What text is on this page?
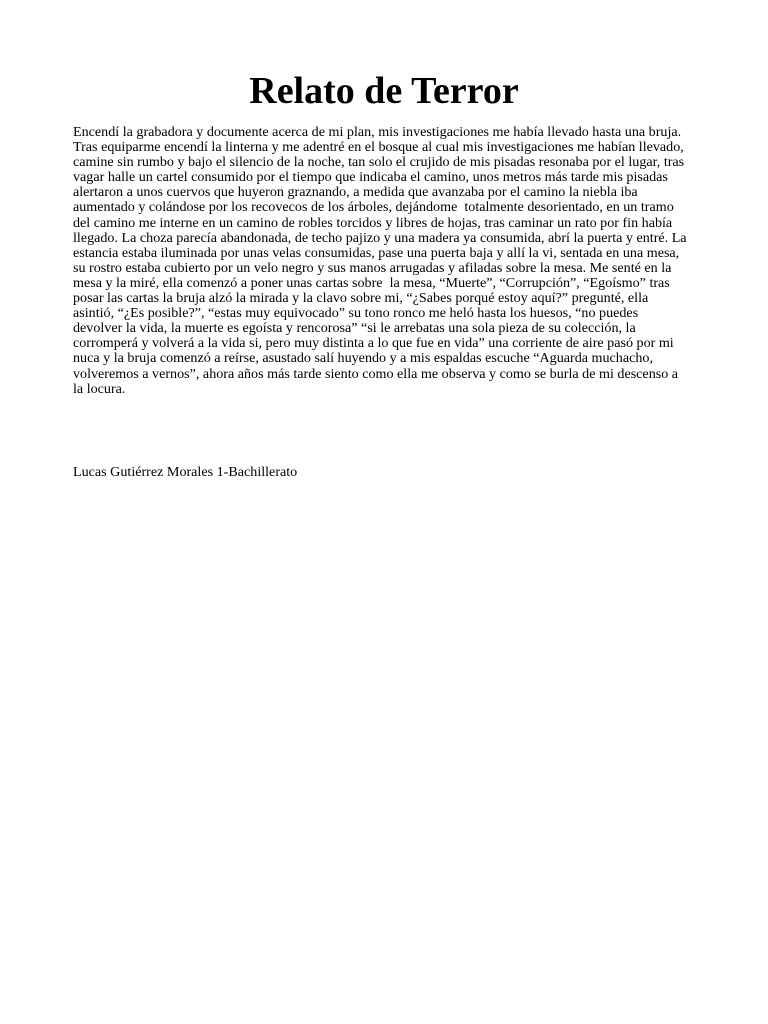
Relato de Terror

Encendí la grabadora y documente acerca de mi plan, mis investigaciones me había llevado hasta una bruja.
Tras equiparme encendí la linterna y me adentré en el bosque al cual mis investigaciones me habían llevado,
camine sin rumbo y bajo el silencio de la noche, tan solo el crujido de mis pisadas resonaba por el lugar, tras
vagar halle un cartel consumido por el tiempo que indicaba el camino, unos metros más tarde mis pisadas
alertaron a unos cuervos que huyeron graznando, a medida que avanzaba por el camino la niebla iba
aumentado y colándose por los recovecos de los árboles, dejándome  totalmente desorientado, en un tramo
del camino me interne en un camino de robles torcidos y libres de hojas, tras caminar un rato por fin había
llegado. La choza parecía abandonada, de techo pajizo y una madera ya consumida, abrí la puerta y entré. La
estancia estaba iluminada por unas velas consumidas, pase una puerta baja y allí la vi, sentada en una mesa,
su rostro estaba cubierto por un velo negro y sus manos arrugadas y afiladas sobre la mesa. Me senté en la
mesa y la miré, ella comenzó a poner unas cartas sobre  la mesa, “Muerte”, “Corrupción”, “Egoísmo” tras
posar las cartas la bruja alzó la mirada y la clavo sobre mi, “¿Sabes porqué estoy aquí?” pregunté, ella
asintió, “¿Es posible?”, “estas muy equivocado” su tono ronco me heló hasta los huesos, “no puedes
devolver la vida, la muerte es egoísta y rencorosa” “si le arrebatas una sola pieza de su colección, la
corromperá y volverá a la vida si, pero muy distinta a lo que fue en vida” una corriente de aire pasó por mi
nuca y la bruja comenzó a reírse, asustado salí huyendo y a mis espaldas escuche “Aguarda muchacho,
volveremos a vernos”, ahora años más tarde siento como ella me observa y como se burla de mi descenso a
la locura.

Lucas Gutiérrez Morales 1-Bachillerato
